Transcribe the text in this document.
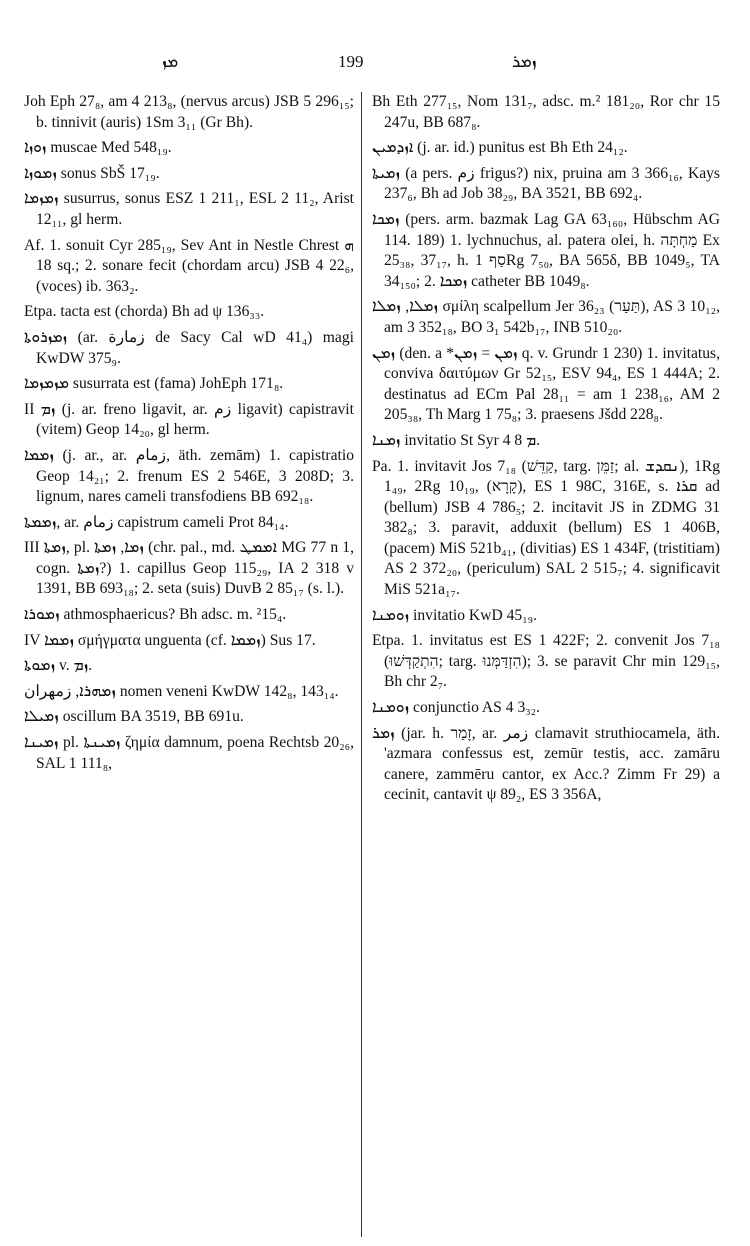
ܡܙ	199	ܙܡܪ

Joh Eph 27₈, am 4 213₈, (nervus arcus) JSB 5 296₁₅; b. tinnivit (auris) 1Sm 3₁₁ (Gr Bh).

ܙܘܙܐ muscae Med 548₁₉.

ܙܡܘܙܐ sonus SbŠ 17₁₉.

ܙܡܙܡܐ susurrus, sonus ESZ 1 211₁, ESL 2 11₂, Arist 12₁₁, gl herm.

Af. 1. sonuit Cyr 285₁₉, Sev Ant in Nestle Chrest ܗ 18 sq.; 2. sonare fecit (chordam arcu) JSB 4 22₆, (voces) ib. 363₂.

Etpa. tacta est (chorda) Bh ad ψ 136₃₃.

ܙܡܙܪܘܬܐ (ar. زمارة de Sacy Cal wD 41₄) magi KwDW 375₉.

ܡܙܡܙܡܐ susurrata est (fama) JohEph 171₈.

II ܙܡ (j. ar. freno ligavit, ar. زم ligavit) capistravit (vitem) Geop 14₂₀, gl herm.

ܙܡܡܐ (j. ar., ar. زمام, äth. zemām) 1. capistratio Geop 14₂₁; 2. frenum ES 2 546E, 3 208D; 3. lignum, nares cameli transfodiens BB 692₁₈.

ܙܡܡܬܐ, ar. زمام capistrum cameli Prot 84₁₄.

III ܙܡܬܐ, pl. ܙܡܐ, ܙܡܬܐ (chr. pal., md. ܐܡܡܛ MG 77 n 1, cogn. ܙܡܬܐ?) 1. capillus Geop 115₂₉, IA 2 318 v 1391, BB 693₁₈; 2. seta (suis) DuvB 2 85₁₇ (s. l.).

ܙܡܘܪܐ athmosphaericus? Bh adsc. m. ²15₄.

IV ܙܡܡܐ σμήγματα unguenta (cf. ܙܡܡܐ) Sus 17.

ܙܡܘܬܐ v. ܙܡ.

ܙܡܗܪܐ, زمهران nomen veneni KwDW 142₈, 143₁₄.

ܙܡܝܠܐ oscillum BA 3519, BB 691u.

ܙܡܝܢܐ pl. ܙܡܝܢܬܐ ζημία damnum, poena Rechtsb 20₂₆, SAL 1 111₈,

Bh Eth 277₁₅, Nom 131₇, adsc. m.² 181₂₀, Ror chr 15 247u, BB 687₈.

ܐܙܕܡܝܢ (j. ar. id.) punitus est Bh Eth 24₁₂.

ܙܡܝܬܐ (a pers. زم frigus?) nix, pruina am 3 366₁₆, Kays 237₆, Bh ad Job 38₂₉, BA 3521, BB 692₄.

ܙܡܟܐ (pers. arm. bazmak Lag GA 63₁₆₀, Hübschm AG 114. 189) 1. lychnuchus, al. patera olei, h. מַחְתָּה Ex 25₃₈, 37₁₇, h. סַף 1Rg 7₅₀, BA 565δ, BB 1049₅, TA 34₁₅₀; 2. ܙܡܟܐ catheter BB 1049₈.

ܙܡܠܐ, ܙܡܠܐ σμίλη scalpellum Jer 36₂₃ (תַּעַר), AS 3 10₁₂, am 3 352₁₈, BO 3₁ 542b₁₇, INB 510₂₀.

ܙܡܢ (den. a *ܙܡܢ = ܙܡܢ q. v. Grundr 1 230) 1. invitatus, conviva δαιτύμων Gr 52₁₅, ESV 94₄, ES 1 444A; 2. destinatus ad ECm Pal 28₁₁ = am 1 238₁₆, AM 2 205₃₈, Th Marg 1 75₈; 3. praesens Jšdd 228₈.

ܙܡܢܐ invitatio St Syr 4 ܡ 8.

Pa. 1. invitavit Jos 7₁₈ (קַדֵּשׁ, targ. זַמֵּן; al. ܢܩܕܫ), 1Rg 1₄₉, 2Rg 10₁₉, (קָרָא), ES 1 98C, 316E, s. ܩܪܐ ad (bellum) JSB 4 786₅; 2. incitavit JS in ZDMG 31 382₈; 3. paravit, adduxit (bellum) ES 1 406B, (pacem) MiS 521b₄₁, (divitias) ES 1 434F, (tristitiam) AS 2 372₂₀, (periculum) SAL 2 515₇; 4. significavit MiS 521a₁₇.

ܙܘܡܢܐ invitatio KwD 45₁₉.

Etpa. 1. invitatus est ES 1 422F; 2. convenit Jos 7₁₈ (הִתְקַדְּשׁוּ; targ. הִזְדַּמְּנוּ); 3. se paravit Chr min 129₁₅, Bh chr 2₇.

ܙܘܡܢܐ conjunctio AS 4 3₃₂.

ܙܡܪ (jar. h. זָמַר, ar. زمر clamavit struthiocamela, äth. 'azmara confessus est, zemūr testis, acc. zamāru canere, zammēru cantor, ex Acc.? Zimm Fr 29) a cecinit, cantavit ψ 89₂, ES 3 356A,
